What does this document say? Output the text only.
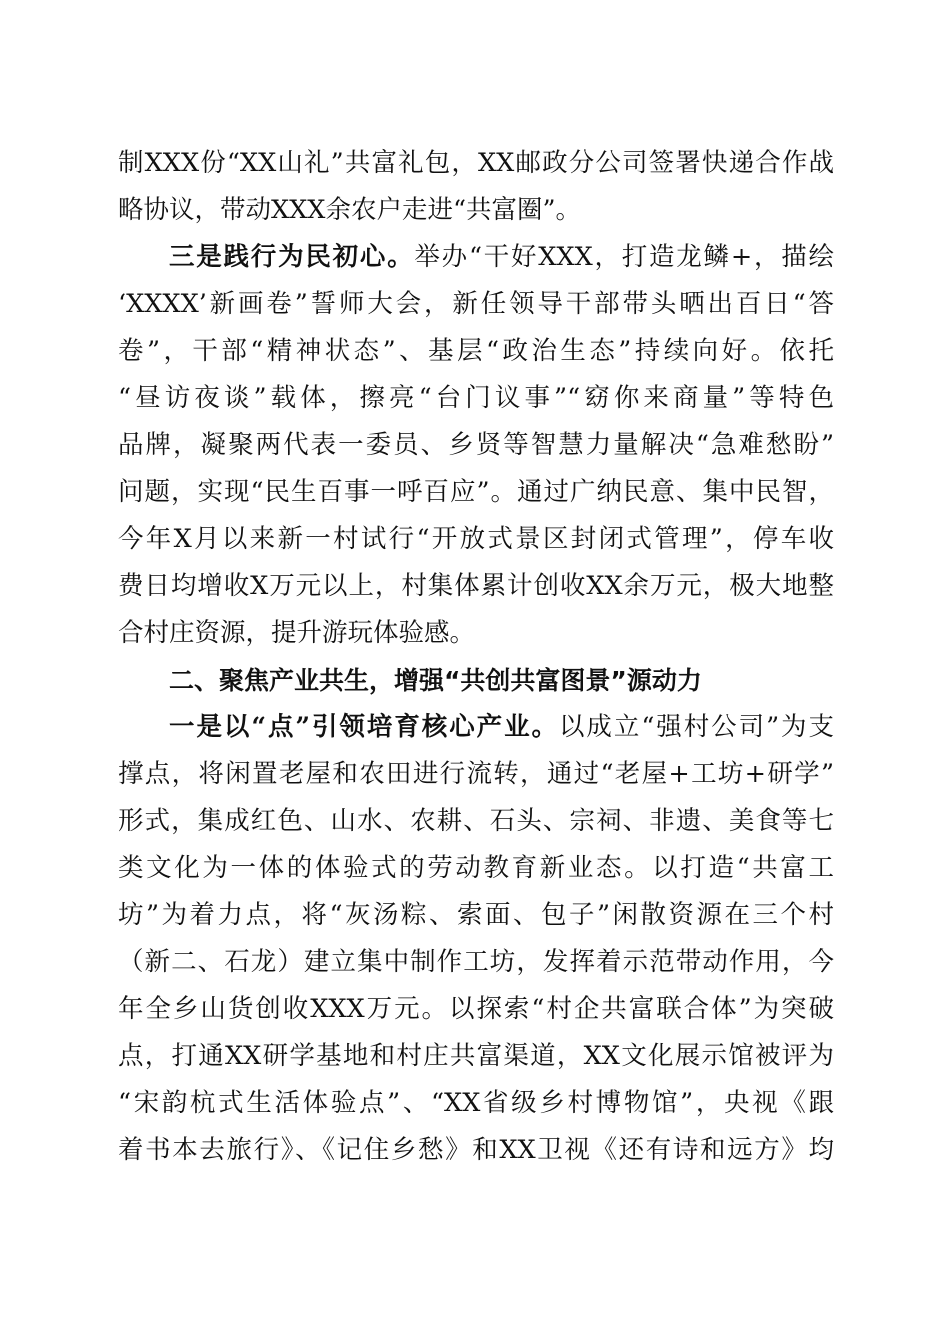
制XXX份“XX山礼”共富礼包，XX邮政分公司签署快递合作战
略协议，带动XXX余农户走进“共富圈”。
三是践行为民初心。举办“干好XXX，打造龙鳞+，描绘
‘XXXX’新画卷”誓师大会，新任领导干部带头晒出百日“答
卷”，干部“精神状态”、基层“政治生态”持续向好。依托
“昼访夜谈”载体，擦亮“台门议事”“窈你来商量”等特色
品牌，凝聚两代表一委员、乡贤等智慧力量解决“急难愁盼”
问题，实现“民生百事一呼百应”。通过广纳民意、集中民智，
今年X月以来新一村试行“开放式景区封闭式管理”，停车收
费日均增收X万元以上，村集体累计创收XX余万元，极大地整
合村庄资源，提升游玩体验感。
二、聚焦产业共生，增强“共创共富图景”源动力
一是以“点”引领培育核心产业。以成立“强村公司”为支
撑点，将闲置老屋和农田进行流转，通过“老屋+工坊+研学”
形式，集成红色、山水、农耕、石头、宗祠、非遗、美食等七
类文化为一体的体验式的劳动教育新业态。以打造“共富工
坊”为着力点，将“灰汤粽、索面、包子”闲散资源在三个村
（新二、石龙）建立集中制作工坊，发挥着示范带动作用，今
年全乡山货创收XXX万元。以探索“村企共富联合体”为突破
点，打通XX研学基地和村庄共富渠道，XX文化展示馆被评为
“宋韵杭式生活体验点”、“XX省级乡村博物馆”，央视《跟
着书本去旅行》、《记住乡愁》和XX卫视《还有诗和远方》均
